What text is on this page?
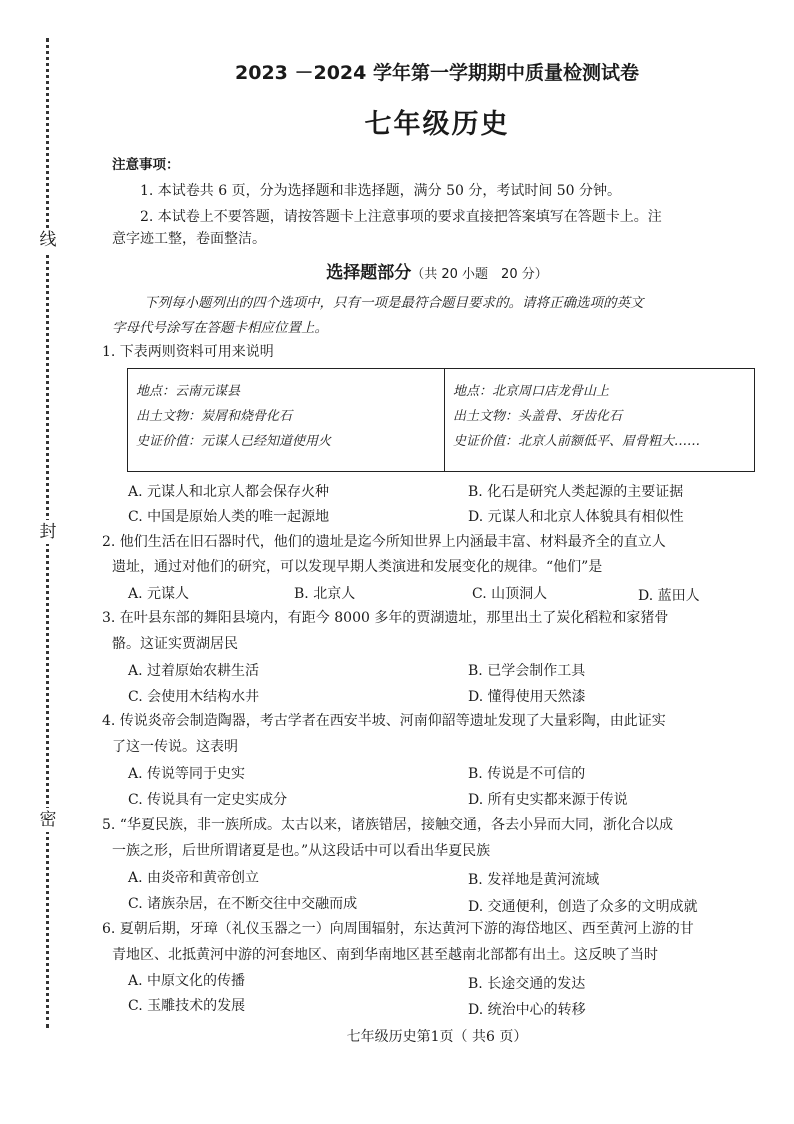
线
封
密
2023 －2024 学年第一学期期中质量检测试卷
七年级历史
注意事项：
1. 本试卷共 6 页，分为选择题和非选择题，满分 50 分，考试时间 50 分钟。
2. 本试卷上不要答题，请按答题卡上注意事项的要求直接把答案填写在答题卡上。注
意字迹工整，卷面整洁。
选择题部分（共 20 小题　20 分）
下列每小题列出的四个选项中，只有一项是最符合题目要求的。请将正确选项的英文
字母代号涂写在答题卡相应位置上。
1. 下表两则资料可用来说明
地点：云南元谋县
出土文物：炭屑和烧骨化石
史证价值：元谋人已经知道使用火

地点：北京周口店龙骨山上
出土文物：头盖骨、牙齿化石
史证价值：北京人前额低平、眉骨粗大……
A. 元谋人和北京人都会保存火种	B. 化石是研究人类起源的主要证据
C. 中国是原始人类的唯一起源地	D. 元谋人和北京人体貌具有相似性
2. 他们生活在旧石器时代，他们的遗址是迄今所知世界上内涵最丰富、材料最齐全的直立人
遗址，通过对他们的研究，可以发现早期人类演进和发展变化的规律。“他们”是
A. 元谋人	B. 北京人	C. 山顶洞人	D. 蓝田人
3. 在叶县东部的舞阳县境内，有距今 8000 多年的贾湖遗址，那里出土了炭化稻粒和家猪骨
骼。这证实贾湖居民
A. 过着原始农耕生活	B. 已学会制作工具
C. 会使用木结构水井	D. 懂得使用天然漆
4. 传说炎帝会制造陶器，考古学者在西安半坡、河南仰韶等遗址发现了大量彩陶，由此证实
了这一传说。这表明
A. 传说等同于史实	B. 传说是不可信的
C. 传说具有一定史实成分	D. 所有史实都来源于传说
5. “华夏民族，非一族所成。太古以来，诸族错居，接触交通，各去小异而大同，浙化合以成
一族之形，后世所谓诸夏是也。”从这段话中可以看出华夏民族
A. 由炎帝和黄帝创立	B. 发祥地是黄河流域
C. 诸族杂居，在不断交往中交融而成	D. 交通便利，创造了众多的文明成就
6. 夏朝后期，牙璋（礼仪玉器之一）向周围辐射，东达黄河下游的海岱地区、西至黄河上游的甘
青地区、北抵黄河中游的河套地区、南到华南地区甚至越南北部都有出土。这反映了当时
A. 中原文化的传播	B. 长途交通的发达
C. 玉雕技术的发展	D. 统治中心的转移
七年级历史第1页（ 共6 页）
